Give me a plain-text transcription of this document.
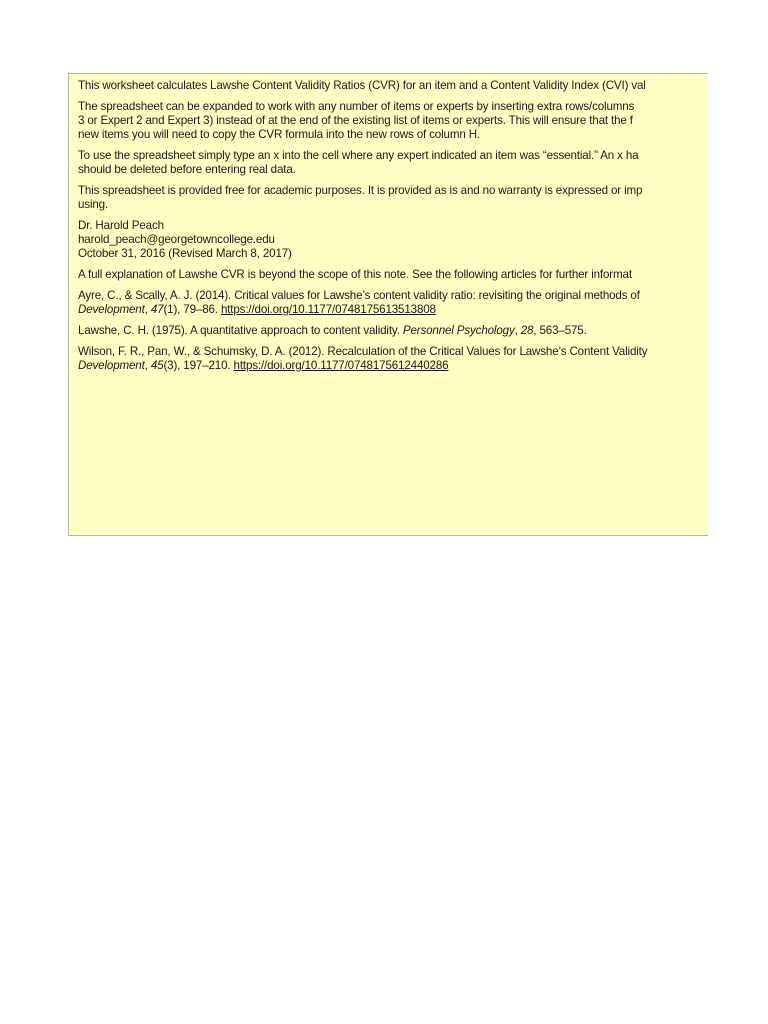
This worksheet calculates Lawshe Content Validity Ratios (CVR) for an item and a Content Validity Index (CVI) val
The spreadsheet can be expanded to work with any number of items or experts by inserting extra rows/columns
3 or Expert 2 and Expert 3) instead of at the end of the existing list of items or experts. This will ensure that the f
new items you will need to copy the CVR formula into the new rows of column H.
To use the spreadsheet simply type an x into the cell where any expert indicated an item was “essential.” An x ha
should be deleted before entering real data.
This spreadsheet is provided free for academic purposes. It is provided as is and no warranty is expressed or imp
using.
Dr. Harold Peach
harold_peach@georgetowncollege.edu
October 31, 2016 (Revised March 8, 2017)
A full explanation of Lawshe CVR is beyond the scope of this note. See the following articles for further informat
Ayre, C., & Scally, A. J. (2014). Critical values for Lawshe’s content validity ratio: revisiting the original methods of
Development, 47(1), 79–86. https://doi.org/10.1177/0748175613513808
Lawshe, C. H. (1975). A quantitative approach to content validity. Personnel Psychology, 28, 563–575.
Wilson, F. R., Pan, W., & Schumsky, D. A. (2012). Recalculation of the Critical Values for Lawshe’s Content Validity
Development, 45(3), 197–210. https://doi.org/10.1177/0748175612440286
